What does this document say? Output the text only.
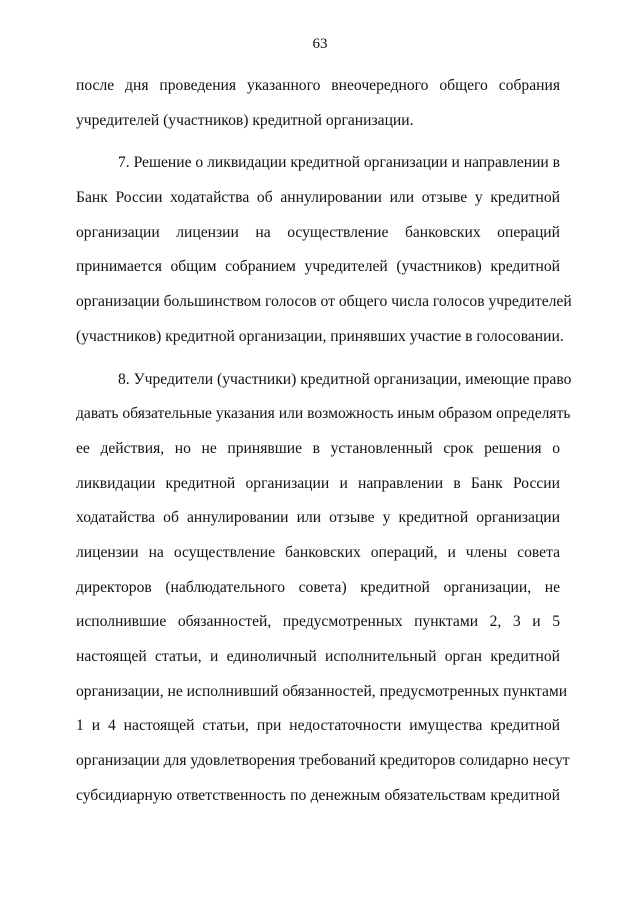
63
после дня проведения указанного внеочередного общего собрания
учредителей (участников) кредитной организации.
7. Решение о ликвидации кредитной организации и направлении в
Банк России ходатайства об аннулировании или отзыве у кредитной
организации лицензии на осуществление банковских операций
принимается общим собранием учредителей (участников) кредитной
организации большинством голосов от общего числа голосов учредителей
(участников) кредитной организации, принявших участие в голосовании.
8. Учредители (участники) кредитной организации, имеющие право
давать обязательные указания или возможность иным образом определять
ее действия, но не принявшие в установленный срок решения о
ликвидации кредитной организации и направлении в Банк России
ходатайства об аннулировании или отзыве у кредитной организации
лицензии на осуществление банковских операций, и члены совета
директоров (наблюдательного совета) кредитной организации, не
исполнившие обязанностей, предусмотренных пунктами 2, 3 и 5
настоящей статьи, и единоличный исполнительный орган кредитной
организации, не исполнивший обязанностей, предусмотренных пунктами
1 и 4 настоящей статьи, при недостаточности имущества кредитной
организации для удовлетворения требований кредиторов солидарно несут
субсидиарную ответственность по денежным обязательствам кредитной
